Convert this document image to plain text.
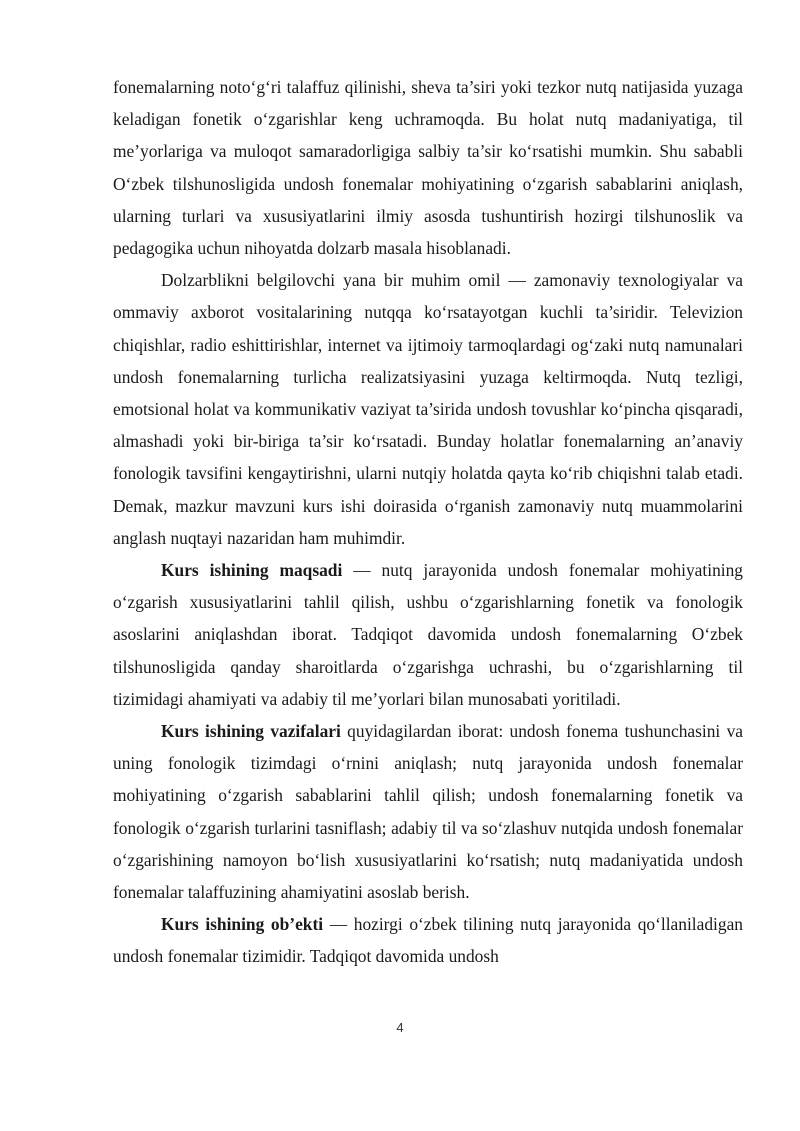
fonemalarning noto‘g‘ri talaffuz qilinishi, sheva ta’siri yoki tezkor nutq natijasida yuzaga keladigan fonetik o‘zgarishlar keng uchramoqda. Bu holat nutq madaniyatiga, til me’yorlariga va muloqot samaradorligiga salbiy ta’sir ko‘rsatishi mumkin. Shu sababli O‘zbek tilshunosligida undosh fonemalar mohiyatining o‘zgarish sabablarini aniqlash, ularning turlari va xususiyatlarini ilmiy asosda tushuntirish hozirgi tilshunoslik va pedagogika uchun nihoyatda dolzarb masala hisoblanadi.

Dolzarblikni belgilovchi yana bir muhim omil — zamonaviy texnologiyalar va ommaviy axborot vositalarining nutqqa ko‘rsatayotgan kuchli ta’siridir. Televizion chiqishlar, radio eshittirishlar, internet va ijtimoiy tarmoqlardagi og‘zaki nutq namunalari undosh fonemalarning turlicha realizatsiyasini yuzaga keltirmoqda. Nutq tezligi, emotsional holat va kommunikativ vaziyat ta’sirida undosh tovushlar ko‘pincha qisqaradi, almashadi yoki bir-biriga ta’sir ko‘rsatadi. Bunday holatlar fonemalarning an’anaviy fonologik tavsifini kengaytirishni, ularni nutqiy holatda qayta ko‘rib chiqishni talab etadi. Demak, mazkur mavzuni kurs ishi doirasida o‘rganish zamonaviy nutq muammolarini anglash nuqtayi nazaridan ham muhimdir.

Kurs ishining maqsadi — nutq jarayonida undosh fonemalar mohiyatining o‘zgarish xususiyatlarini tahlil qilish, ushbu o‘zgarishlarning fonetik va fonologik asoslarini aniqlashdan iborat. Tadqiqot davomida undosh fonemalarning O‘zbek tilshunosligida qanday sharoitlarda o‘zgarishga uchrashi, bu o‘zgarishlarning til tizimidagi ahamiyati va adabiy til me’yorlari bilan munosabati yoritiladi.

Kurs ishining vazifalari quyidagilardan iborat: undosh fonema tushunchasini va uning fonologik tizimdagi o‘rnini aniqlash; nutq jarayonida undosh fonemalar mohiyatining o‘zgarish sabablarini tahlil qilish; undosh fonemalarning fonetik va fonologik o‘zgarish turlarini tasniflash; adabiy til va so‘zlashuv nutqida undosh fonemalar o‘zgarishining namoyon bo‘lish xususiyatlarini ko‘rsatish; nutq madaniyatida undosh fonemalar talaffuzining ahamiyatini asoslab berish.

Kurs ishining ob’ekti — hozirgi o‘zbek tilining nutq jarayonida qo‘llaniladigan undosh fonemalar tizimidir. Tadqiqot davomida undosh

4
